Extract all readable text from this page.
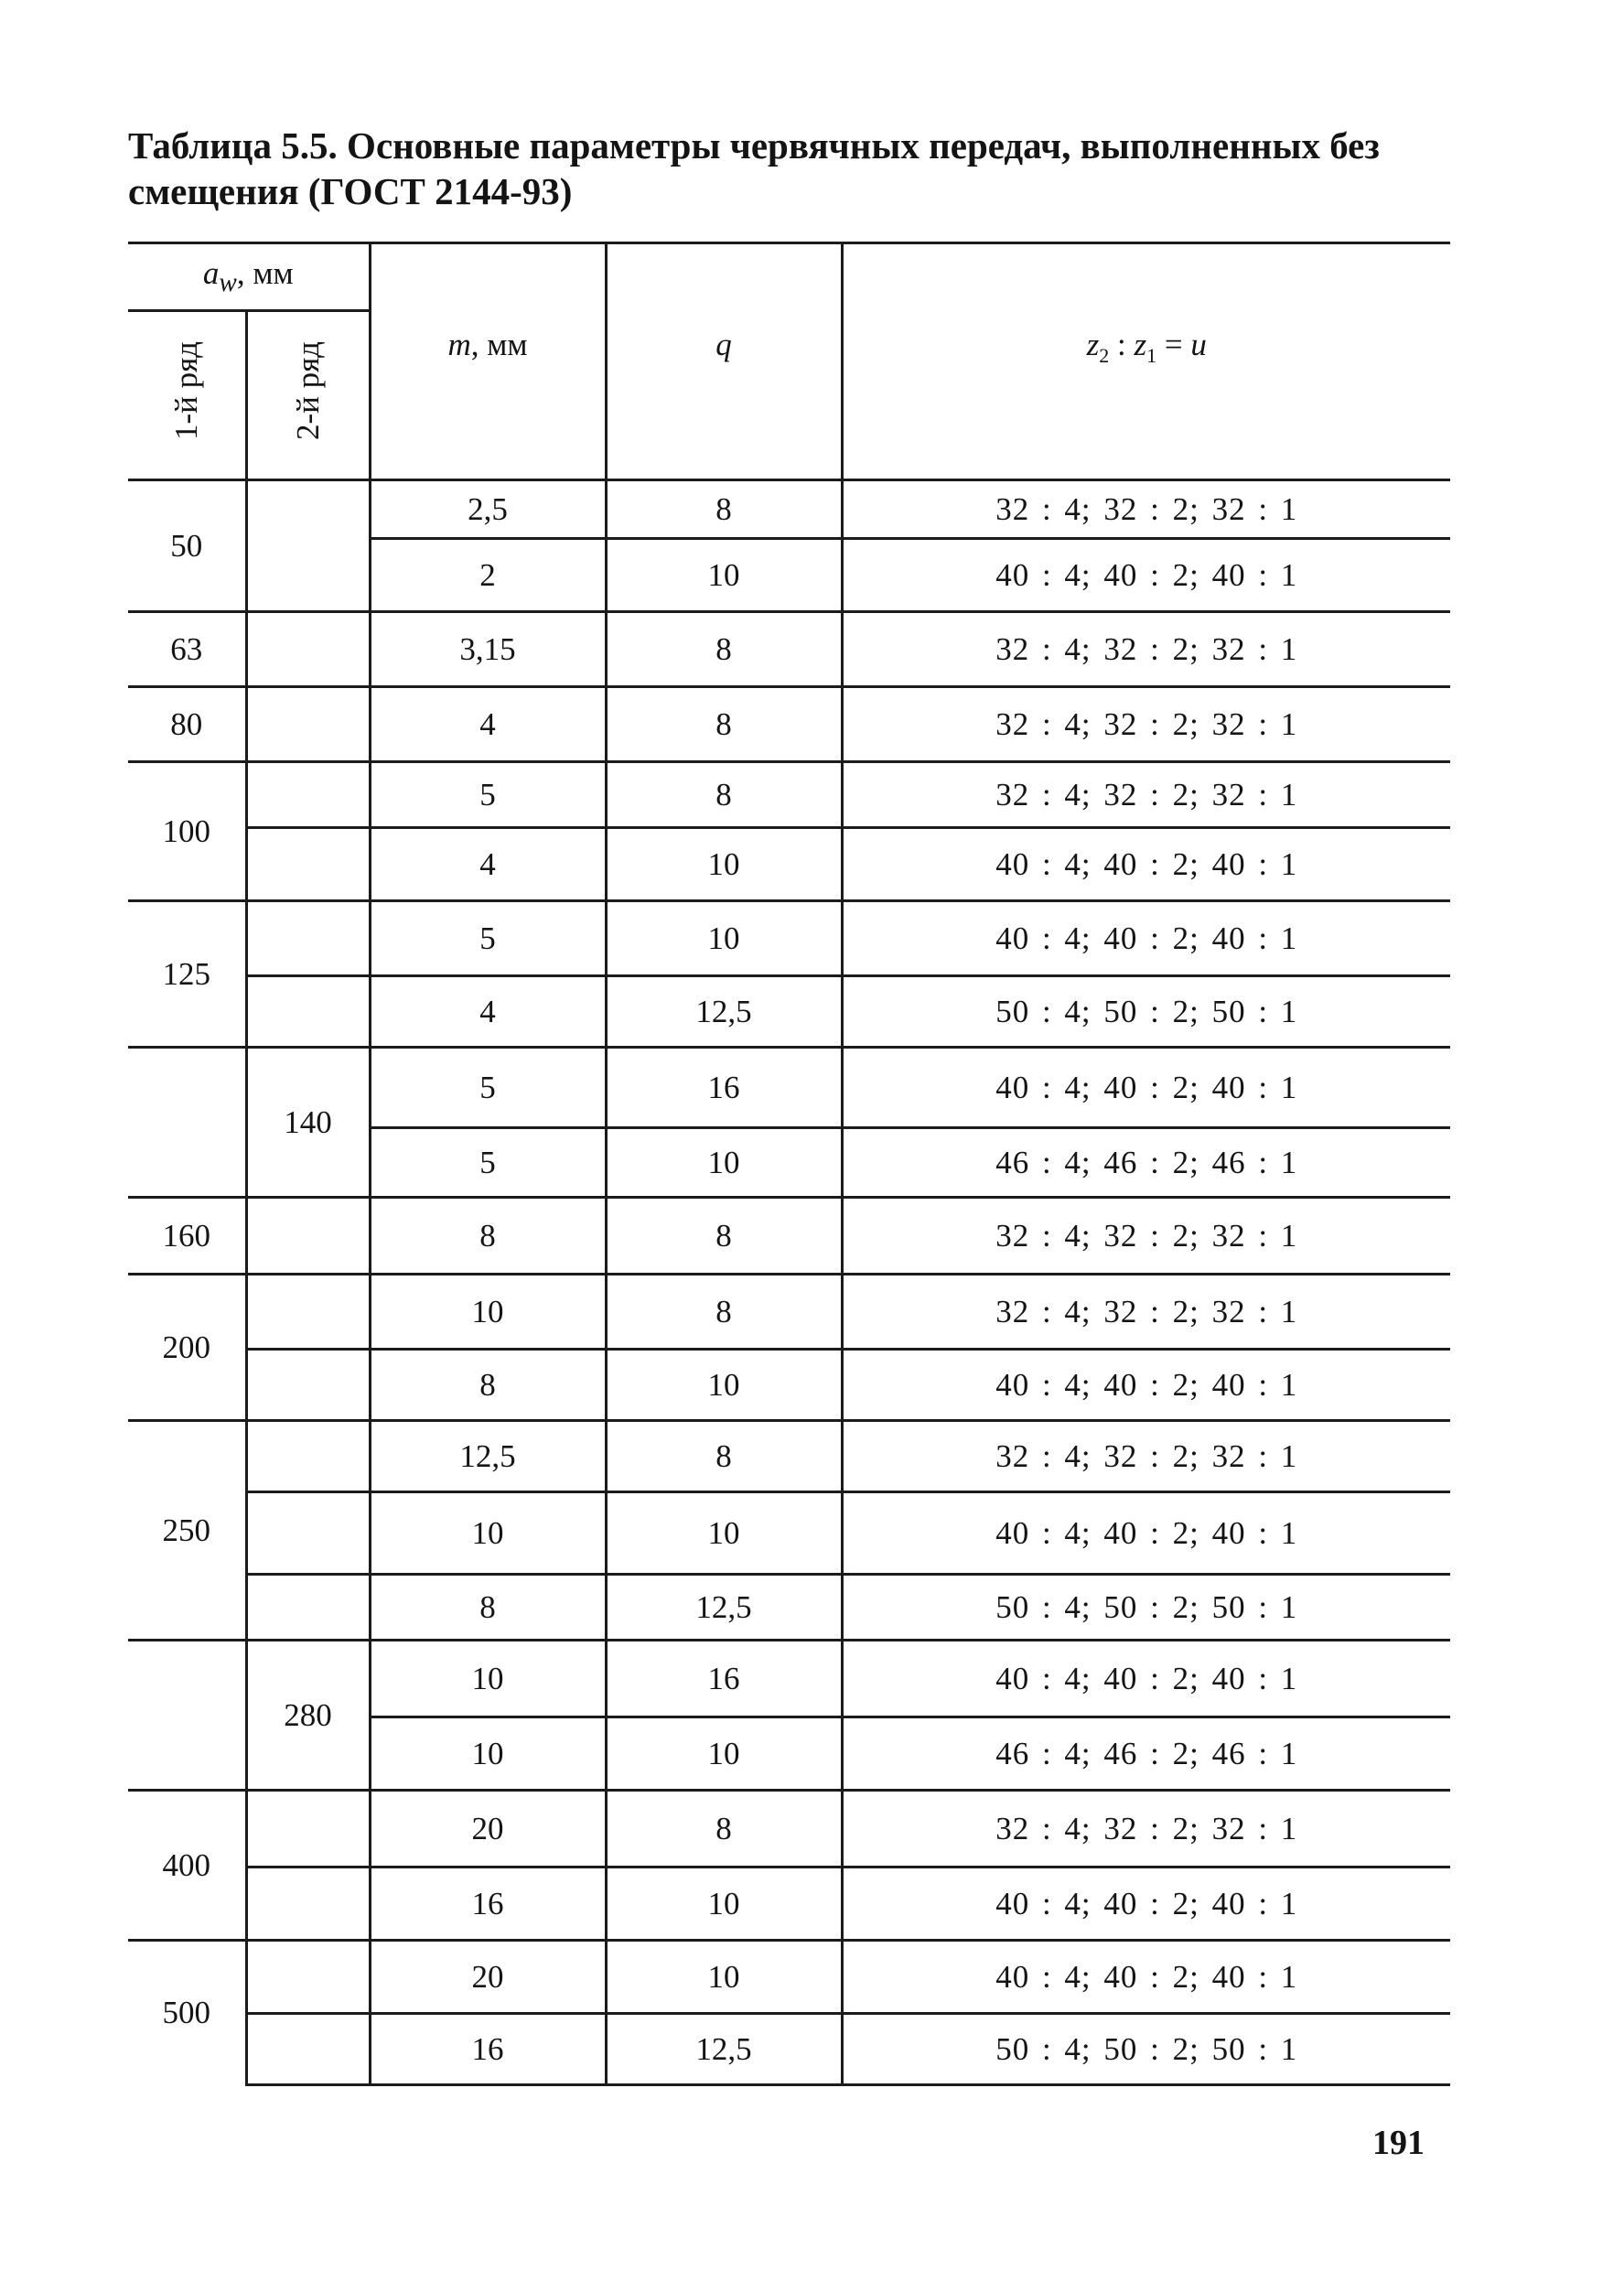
Таблица 5.5. Основные параметры червячных передач, выполненных без смещения (ГОСТ 2144-93)
$a_w$, мм		m, мм	q	$z_2$ : $z_1 = u$
1-й ряд	2-й ряд			
50		2,5	8	32 : 4; 32 : 2; 32 : 1
		2	10	40 : 4; 40 : 2; 40 : 1
63		3,15	8	32 : 4; 32 : 2; 32 : 1
80		4	8	32 : 4; 32 : 2; 32 : 1
100		5	8	32 : 4; 32 : 2; 32 : 1
		4	10	40 : 4; 40 : 2; 40 : 1
125		5	10	40 : 4; 40 : 2; 40 : 1
		4	12,5	50 : 4; 50 : 2; 50 : 1
	140	5	16	40 : 4; 40 : 2; 40 : 1
		5	10	46 : 4; 46 : 2; 46 : 1
160		8	8	32 : 4; 32 : 2; 32 : 1
200		10	8	32 : 4; 32 : 2; 32 : 1
		8	10	40 : 4; 40 : 2; 40 : 1
250		12,5	8	32 : 4; 32 : 2; 32 : 1
		10	10	40 : 4; 40 : 2; 40 : 1
		8	12,5	50 : 4; 50 : 2; 50 : 1
	280	10	16	40 : 4; 40 : 2; 40 : 1
		10	10	46 : 4; 46 : 2; 46 : 1
400		20	8	32 : 4; 32 : 2; 32 : 1
		16	10	40 : 4; 40 : 2; 40 : 1
500		20	10	40 : 4; 40 : 2; 40 : 1
		16	12,5	50 : 4; 50 : 2; 50 : 1
191
